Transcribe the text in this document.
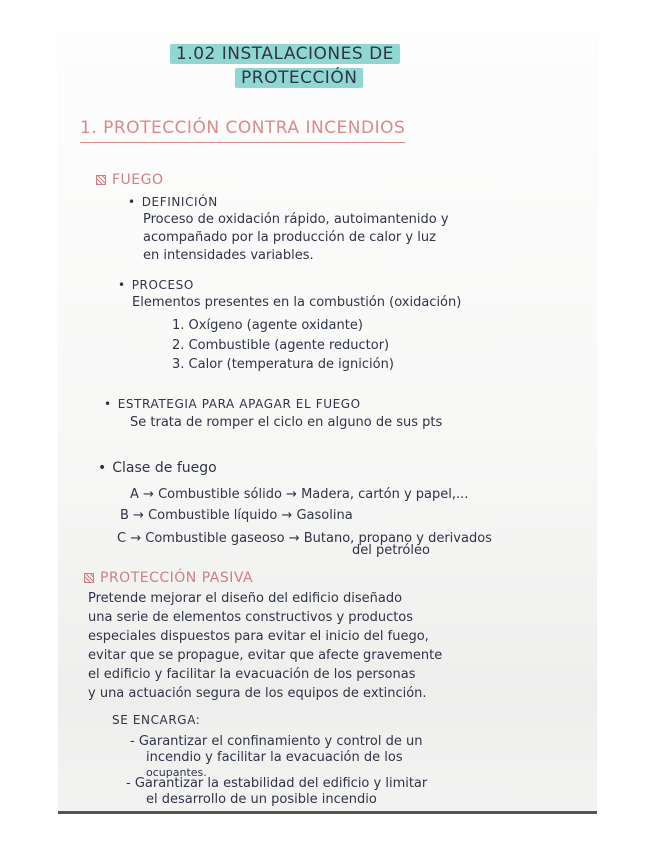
1.02 INSTALACIONES DE
PROTECCIÓN
1. PROTECCIÓN CONTRA INCENDIOS
FUEGO
• DEFINICIÓN
Proceso de oxidación rápido, autoimantenido y
acompañado por la producción de calor y luz
en intensidades variables.
• PROCESO
Elementos presentes en la combustión (oxidación)
1. Oxígeno (agente oxidante)
2. Combustible (agente reductor)
3. Calor (temperatura de ignición)
• ESTRATEGIA PARA APAGAR EL FUEGO
Se trata de romper el ciclo en alguno de sus pts
• Clase de fuego
A → Combustible sólido → Madera, cartón y papel,...
B → Combustible líquido → Gasolina
C → Combustible gaseoso → Butano, propano y derivados
del petróleo
PROTECCIÓN PASIVA
Pretende mejorar el diseño del edificio diseñado
una serie de elementos constructivos y productos
especiales dispuestos para evitar el inicio del fuego,
evitar que se propague, evitar que afecte gravemente
el edificio y facilitar la evacuación de los personas
y una actuación segura de los equipos de extinción.
SE ENCARGA:
- Garantizar el confinamiento y control de un
incendio y facilitar la evacuación de los
ocupantes.
- Garantizar la estabilidad del edificio y limitar
el desarrollo de un posible incendio
